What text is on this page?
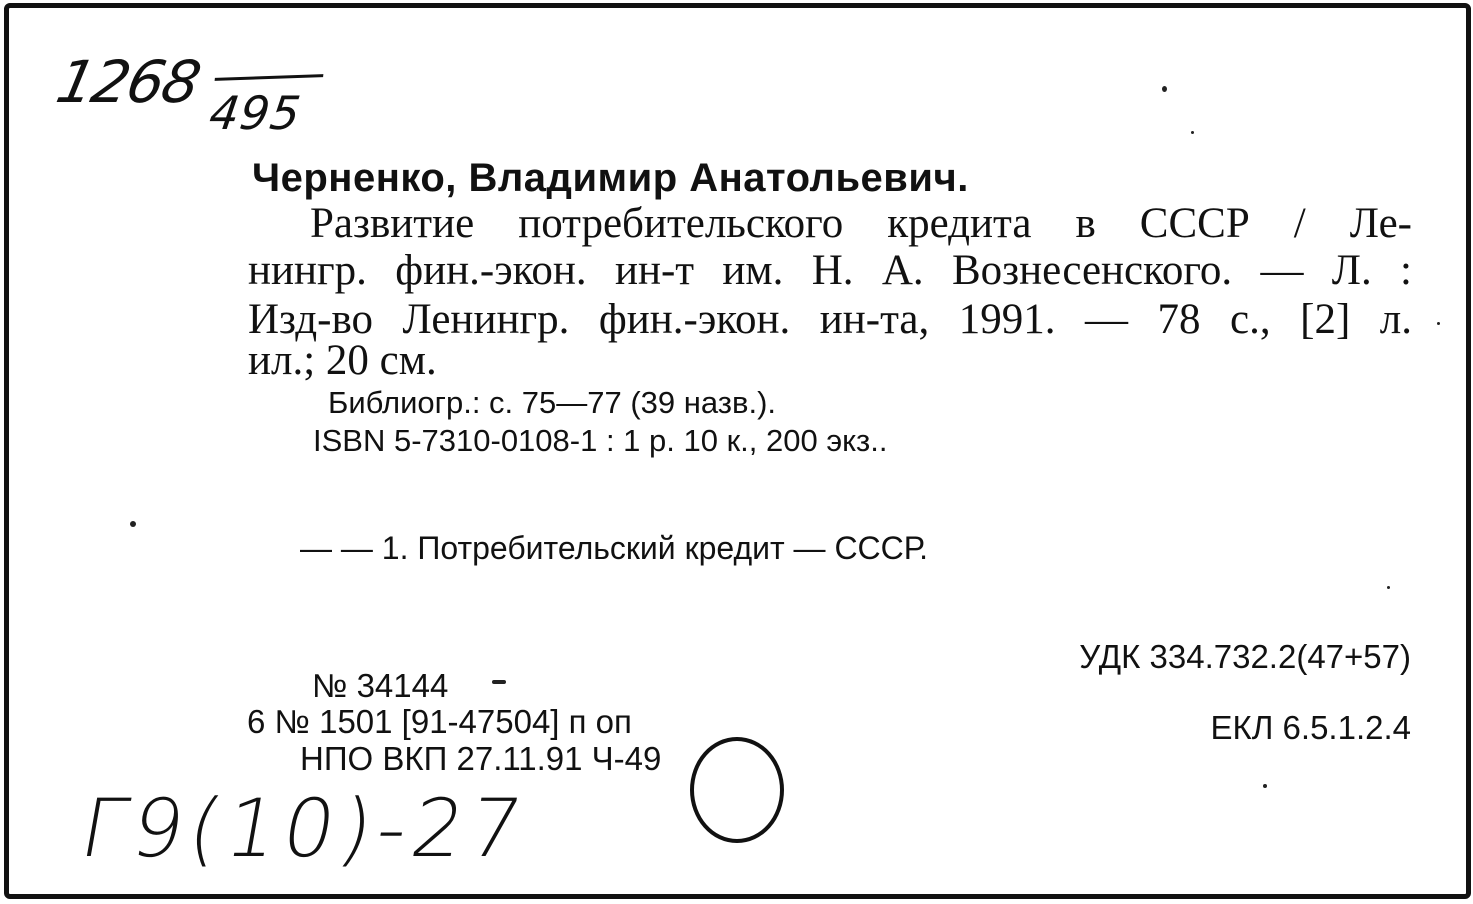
1268 495
Черненко, Владимир Анатольевич.
Развитие потребительского кредита в СССР / Ле-
нингр. фин.-экон. ин-т им. Н. А. Вознесенского. — Л. :
Изд-во Ленингр. фин.-экон. ин-та, 1991. — 78 с., [2] л.
ил.; 20 см.
Библиогр.: с. 75—77 (39 назв.).
ISBN 5-7310-0108-1 : 1 р. 10 к., 200 экз..
— — 1. Потребительский кредит — СССР.
УДК 334.732.2(47+57)
ЕКЛ 6.5.1.2.4
№ 34144
6 № 1501 [91-47504] п оп
НПО ВКП 27.11.91 Ч-49
Г9(10)-27
